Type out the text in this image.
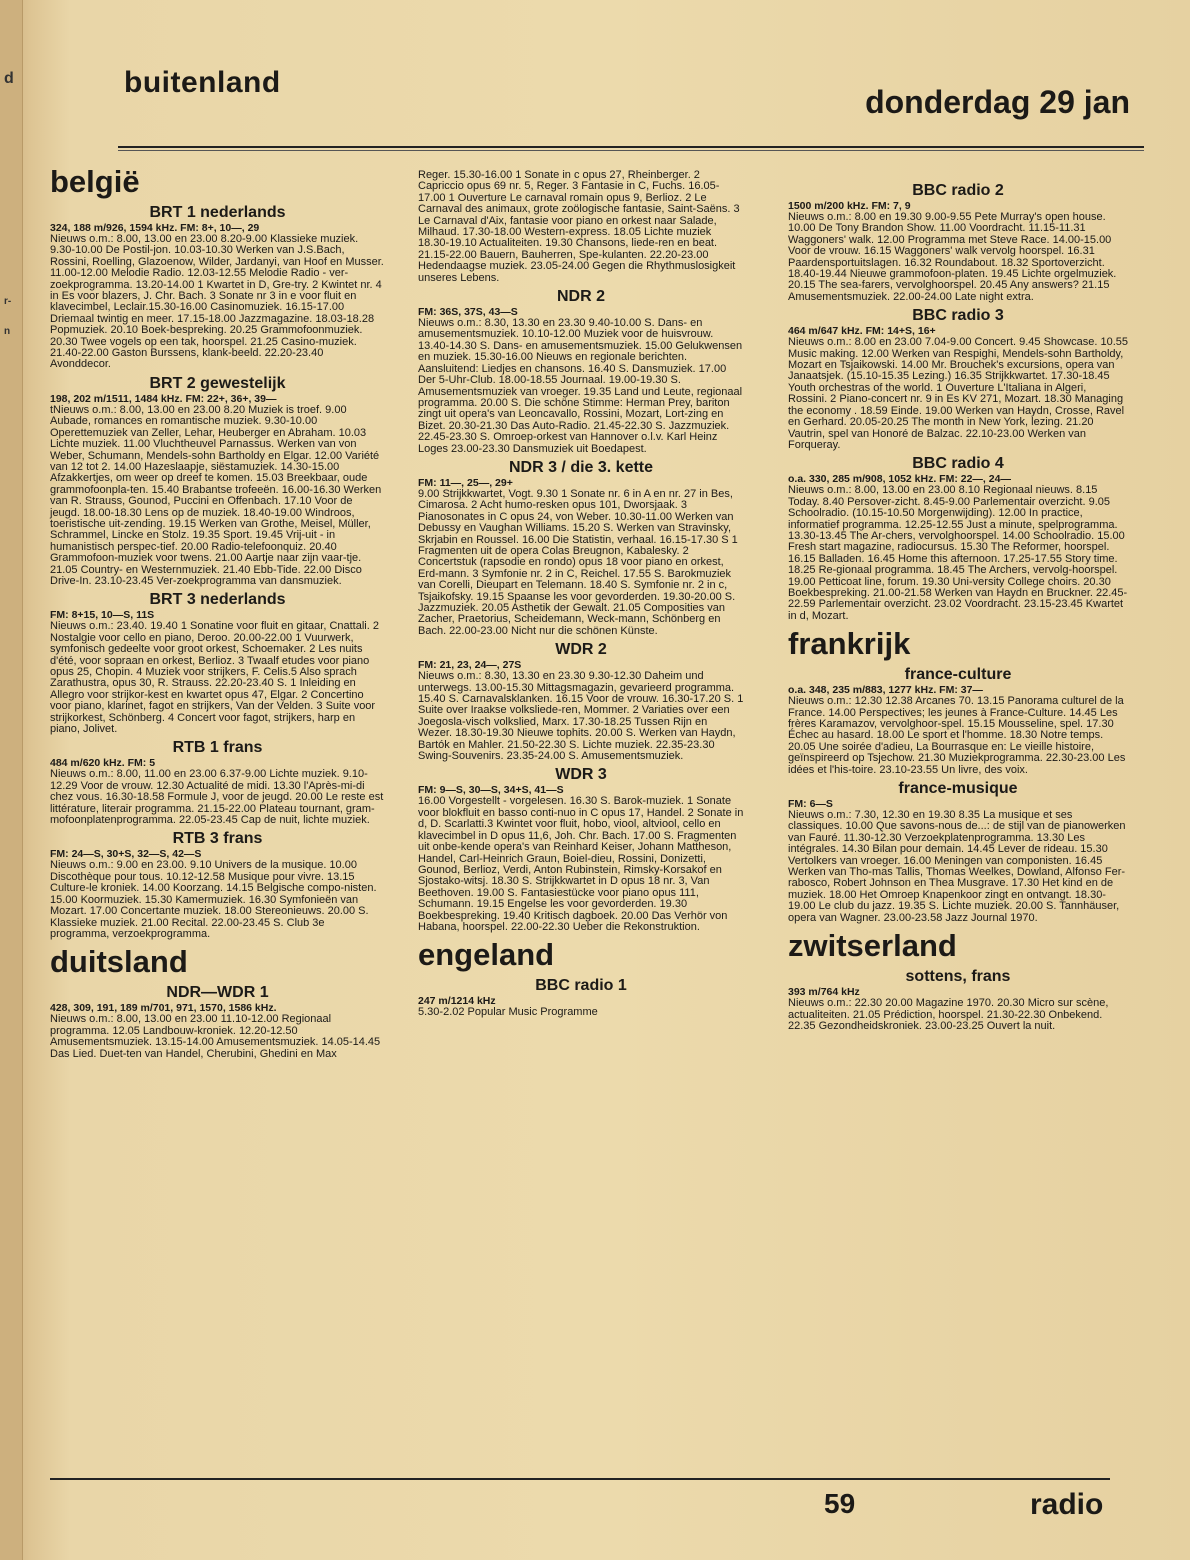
d
r-
n
buitenland
donderdag 29 jan
belgië
BRT 1 nederlands
324, 188 m/926, 1594 kHz. FM: 8+, 10—, 29
Nieuws o.m.: 8.00, 13.00 en 23.00 8.20-9.00 Klassieke muziek. 9.30-10.00 De Postil-jon. 10.03-10.30 Werken van J.S.Bach, Rossini, Roelling, Glazoenow, Wilder, Jardanyi, van Hoof en Musser. 11.00-12.00 Melodie Radio. 12.03-12.55 Melodie Radio - ver-zoekprogramma. 13.20-14.00 1 Kwartet in D, Gre-try. 2 Kwintet nr. 4 in Es voor blazers, J. Chr. Bach. 3 Sonate nr 3 in e voor fluit en klavecimbel, Leclair.15.30-16.00 Casinomuziek. 16.15-17.00 Driemaal twintig en meer. 17.15-18.00 Jazzmagazine. 18.03-18.28 Popmuziek. 20.10 Boek-bespreking. 20.25 Grammofoonmuziek. 20.30 Twee vogels op een tak, hoorspel. 21.25 Casino-muziek. 21.40-22.00 Gaston Burssens, klank-beeld. 22.20-23.40 Avonddecor.
BRT 2 gewestelijk
198, 202 m/1511, 1484 kHz. FM: 22+, 36+, 39—
tNieuws o.m.: 8.00, 13.00 en 23.00 8.20 Muziek is troef. 9.00 Aubade, romances en romantische muziek. 9.30-10.00 Operettemuziek van Zeller, Lehar, Heuberger en Abraham. 10.03 Lichte muziek. 11.00 Vluchtheuvel Parnassus. Werken van von Weber, Schumann, Mendels-sohn Bartholdy en Elgar. 12.00 Variété van 12 tot 2. 14.00 Hazeslaapje, siëstamuziek. 14.30-15.00 Afzakkertjes, om weer op dreef te komen. 15.03 Breekbaar, oude grammofoonpla-ten. 15.40 Brabantse trofeeën. 16.00-16.30 Werken van R. Strauss, Gounod, Puccini en Offenbach. 17.10 Voor de jeugd. 18.00-18.30 Lens op de muziek. 18.40-19.00 Windroos, toeristische uit-zending. 19.15 Werken van Grothe, Meisel, Müller, Schrammel, Lincke en Stolz. 19.35 Sport. 19.45 Vrij-uit - in humanistisch perspec-tief. 20.00 Radio-telefoonquiz. 20.40 Grammofoon-muziek voor twens. 21.00 Aartje naar zijn vaar-tje. 21.05 Country- en Westernmuziek. 21.40 Ebb-Tide. 22.00 Disco Drive-In. 23.10-23.45 Ver-zoekprogramma van dansmuziek.
BRT 3 nederlands
FM: 8+15, 10—S, 11S
Nieuws o.m.: 23.40. 19.40 1 Sonatine voor fluit en gitaar, Cnattali. 2 Nostalgie voor cello en piano, Deroo. 20.00-22.00 1 Vuurwerk, symfonisch gedeelte voor groot orkest, Schoemaker. 2 Les nuits d'été, voor sopraan en orkest, Berlioz. 3 Twaalf etudes voor piano opus 25, Chopin. 4 Muziek voor strijkers, F. Celis.5 Also sprach Zarathustra, opus 30, R. Strauss. 22.20-23.40 S. 1 Inleiding en Allegro voor strijkor-kest en kwartet opus 47, Elgar. 2 Concertino voor piano, klarinet, fagot en strijkers, Van der Velden. 3 Suite voor strijkorkest, Schönberg. 4 Concert voor fagot, strijkers, harp en piano, Jolivet.
RTB 1 frans
484 m/620 kHz. FM: 5
Nieuws o.m.: 8.00, 11.00 en 23.00 6.37-9.00 Lichte muziek. 9.10-12.29 Voor de vrouw. 12.30 Actualité de midi. 13.30 l'Après-mi-di chez vous. 16.30-18.58 Formule J, voor de jeugd. 20.00 Le reste est littérature, literair programma. 21.15-22.00 Plateau tournant, gram-mofoonplatenprogramma. 22.05-23.45 Cap de nuit, lichte muziek.
RTB 3 frans
FM: 24—S, 30+S, 32—S, 42—S
Nieuws o.m.: 9.00 en 23.00. 9.10 Univers de la musique. 10.00 Discothèque pour tous. 10.12-12.58 Musique pour vivre. 13.15 Culture-le kroniek. 14.00 Koorzang. 14.15 Belgische compo-nisten. 15.00 Koormuziek. 15.30 Kamermuziek. 16.30 Symfonieën van Mozart. 17.00 Concertante muziek. 18.00 Stereonieuws. 20.00 S. Klassieke muziek. 21.00 Recital. 22.00-23.45 S. Club 3e programma, verzoekprogramma.
duitsland
NDR—WDR 1
428, 309, 191, 189 m/701, 971, 1570, 1586 kHz.
Nieuws o.m.: 8.00, 13.00 en 23.00 11.10-12.00 Regionaal programma. 12.05 Landbouw-kroniek. 12.20-12.50 Amusementsmuziek. 13.15-14.00 Amusementsmuziek. 14.05-14.45 Das Lied. Duet-ten van Handel, Cherubini, Ghedini en Max
Reger. 15.30-16.00 1 Sonate in c opus 27, Rheinberger. 2 Capriccio opus 69 nr. 5, Reger. 3 Fantasie in C, Fuchs. 16.05-17.00 1 Ouverture Le carnaval romain opus 9, Berlioz. 2 Le Carnaval des animaux, grote zoölogische fantasie, Saint-Saëns. 3 Le Carnaval d'Aix, fantasie voor piano en orkest naar Salade, Milhaud. 17.30-18.00 Western-express. 18.05 Lichte muziek 18.30-19.10 Actualiteiten. 19.30 Chansons, liede-ren en beat. 21.15-22.00 Bauern, Bauherren, Spe-kulanten. 22.20-23.00 Hedendaagse muziek. 23.05-24.00 Gegen die Rhythmuslosigkeit unseres Lebens.
NDR 2
FM: 36S, 37S, 43—S
Nieuws o.m.: 8.30, 13.30 en 23.30 9.40-10.00 S. Dans- en amusementsmuziek. 10.10-12.00 Muziek voor de huisvrouw. 13.40-14.30 S. Dans- en amusementsmuziek. 15.00 Gelukwensen en muziek. 15.30-16.00 Nieuws en regionale berichten. Aansluitend: Liedjes en chansons. 16.40 S. Dansmuziek. 17.00 Der 5-Uhr-Club. 18.00-18.55 Journaal. 19.00-19.30 S. Amusementsmuziek van vroeger. 19.35 Land und Leute, regionaal programma. 20.00 S. Die schöne Stimme: Herman Prey, bariton zingt uit opera's van Leoncavallo, Rossini, Mozart, Lort-zing en Bizet. 20.30-21.30 Das Auto-Radio. 21.45-22.30 S. Jazzmuziek. 22.45-23.30 S. Omroep-orkest van Hannover o.l.v. Karl Heinz Loges 23.00-23.30 Dansmuziek uit Boedapest.
NDR 3 / die 3. kette
FM: 11—, 25—, 29+
9.00 Strijkkwartet, Vogt. 9.30 1 Sonate nr. 6 in A en nr. 27 in Bes, Cimarosa. 2 Acht humo-resken opus 101, Dworsjaak. 3 Pianosonates in C opus 24, von Weber. 10.30-11.00 Werken van Debussy en Vaughan Williams. 15.20 S. Werken van Stravinsky, Skrjabin en Roussel. 16.00 Die Statistin, verhaal. 16.15-17.30 S 1 Fragmenten uit de opera Colas Breugnon, Kabalesky. 2 Concertstuk (rapsodie en rondo) opus 18 voor piano en orkest, Erd-mann. 3 Symfonie nr. 2 in C, Reichel. 17.55 S. Barokmuziek van Corelli, Dieupart en Telemann. 18.40 S. Symfonie nr. 2 in c, Tsjaikofsky. 19.15 Spaanse les voor gevorderden. 19.30-20.00 S. Jazzmuziek. 20.05 Asthetik der Gewalt. 21.05 Composities van Zacher, Praetorius, Scheidemann, Weck-mann, Schönberg en Bach. 22.00-23.00 Nicht nur die schönen Künste.
WDR 2
FM: 21, 23, 24—, 27S
Nieuws o.m.: 8.30, 13.30 en 23.30 9.30-12.30 Daheim und unterwegs. 13.00-15.30 Mittagsmagazin, gevarieerd programma. 15.40 S. Carnavalsklanken. 16.15 Voor de vrouw. 16.30-17.20 S. 1 Suite over Iraakse volksliede-ren, Mommer. 2 Variaties over een Joegosla-visch volkslied, Marx. 17.30-18.25 Tussen Rijn en Wezer. 18.30-19.30 Nieuwe tophits. 20.00 S. Werken van Haydn, Bartók en Mahler. 21.50-22.30 S. Lichte muziek. 22.35-23.30 Swing-Souvenirs. 23.35-24.00 S. Amusementsmuziek.
WDR 3
FM: 9—S, 30—S, 34+S, 41—S
16.00 Vorgestellt - vorgelesen. 16.30 S. Barok-muziek. 1 Sonate voor blokfluit en basso conti-nuo in C opus 17, Handel. 2 Sonate in d, D. Scarlatti.3 Kwintet voor fluit, hobo, viool, altviool, cello en klavecimbel in D opus 11,6, Joh. Chr. Bach. 17.00 S. Fragmenten uit onbe-kende opera's van Reinhard Keiser, Johann Mattheson, Handel, Carl-Heinrich Graun, Boiel-dieu, Rossini, Donizetti, Gounod, Berlioz, Verdi, Anton Rubinstein, Rimsky-Korsakof en Sjostako-witsj. 18.30 S. Strijkkwartet in D opus 18 nr. 3, Van Beethoven. 19.00 S. Fantasiestücke voor piano opus 111, Schumann. 19.15 Engelse les voor gevorderden. 19.30 Boekbespreking. 19.40 Kritisch dagboek. 20.00 Das Verhör von Habana, hoorspel. 22.00-22.30 Ueber die Rekonstruktion.
engeland
BBC radio 1
247 m/1214 kHz
5.30-2.02 Popular Music Programme
BBC radio 2
1500 m/200 kHz. FM: 7, 9
Nieuws o.m.: 8.00 en 19.30 9.00-9.55 Pete Murray's open house. 10.00 De Tony Brandon Show. 11.00 Voordracht. 11.15-11.31 Waggoners' walk. 12.00 Programma met Steve Race. 14.00-15.00 Voor de vrouw. 16.15 Waggoners' walk vervolg hoorspel. 16.31 Paardensportuitslagen. 16.32 Roundabout. 18.32 Sportoverzicht. 18.40-19.44 Nieuwe grammofoon-platen. 19.45 Lichte orgelmuziek. 20.15 The sea-farers, vervolghoorspel. 20.45 Any answers? 21.15 Amusementsmuziek. 22.00-24.00 Late night extra.
BBC radio 3
464 m/647 kHz. FM: 14+S, 16+
Nieuws o.m.: 8.00 en 23.00 7.04-9.00 Concert. 9.45 Showcase. 10.55 Music making. 12.00 Werken van Respighi, Mendels-sohn Bartholdy, Mozart en Tsjaikowski. 14.00 Mr. Brouchek's excursions, opera van Janaatsjek. (15.10-15.35 Lezing.) 16.35 Strijkkwartet. 17.30-18.45 Youth orchestras of the world. 1 Ouverture L'Italiana in Algeri, Rossini. 2 Piano-concert nr. 9 in Es KV 271, Mozart. 18.30 Managing the economy . 18.59 Einde. 19.00 Werken van Haydn, Crosse, Ravel en Gerhard. 20.05-20.25 The month in New York, lezing. 21.20 Vautrin, spel van Honoré de Balzac. 22.10-23.00 Werken van Forqueray.
BBC radio 4
o.a. 330, 285 m/908, 1052 kHz. FM: 22—, 24—
Nieuws o.m.: 8.00, 13.00 en 23.00 8.10 Regionaal nieuws. 8.15 Today. 8.40 Persover-zicht. 8.45-9.00 Parlementair overzicht. 9.05 Schoolradio. (10.15-10.50 Morgenwijding). 12.00 In practice, informatief programma. 12.25-12.55 Just a minute, spelprogramma. 13.30-13.45 The Ar-chers, vervolghoorspel. 14.00 Schoolradio. 15.00 Fresh start magazine, radiocursus. 15.30 The Reformer, hoorspel. 16.15 Balladen. 16.45 Home this afternoon. 17.25-17.55 Story time. 18.25 Re-gionaal programma. 18.45 The Archers, vervolg-hoorspel. 19.00 Petticoat line, forum. 19.30 Uni-versity College choirs. 20.30 Boekbespreking. 21.00-21.58 Werken van Haydn en Bruckner. 22.45-22.59 Parlementair overzicht. 23.02 Voordracht. 23.15-23.45 Kwartet in d, Mozart.
frankrijk
france-culture
o.a. 348, 235 m/883, 1277 kHz. FM: 37—
Nieuws o.m.: 12.30 12.38 Arcanes 70. 13.15 Panorama culturel de la France. 14.00 Perspectives; les jeunes à France-Culture. 14.45 Les frères Karamazov, vervolghoor-spel. 15.15 Mousseline, spel. 17.30 Échec au hasard. 18.00 Le sport et l'homme. 18.30 Notre temps. 20.05 Une soirée d'adieu, La Bourrasque en: Le vieille histoire, geïnspireerd op Tsjechow. 21.30 Muziekprogramma. 22.30-23.00 Les idées et l'his-toire. 23.10-23.55 Un livre, des voix.
france-musique
FM: 6—S
Nieuws o.m.: 7.30, 12.30 en 19.30 8.35 La musique et ses classiques. 10.00 Que savons-nous de...: de stijl van de pianowerken van Fauré. 11.30-12.30 Verzoekplatenprogramma. 13.30 Les intégrales. 14.30 Bilan pour demain. 14.45 Lever de rideau. 15.30 Vertolkers van vroeger. 16.00 Meningen van componisten. 16.45 Werken van Tho-mas Tallis, Thomas Weelkes, Dowland, Alfonso Fer-rabosco, Robert Johnson en Thea Musgrave. 17.30 Het kind en de muziek. 18.00 Het Omroep Knapenkoor zingt en ontvangt. 18.30-19.00 Le club du jazz. 19.35 S. Lichte muziek. 20.00 S. Tannhäuser, opera van Wagner. 23.00-23.58 Jazz Journal 1970.
zwitserland
sottens, frans
393 m/764 kHz
Nieuws o.m.: 22.30 20.00 Magazine 1970. 20.30 Micro sur scène, actualiteiten. 21.05 Prédiction, hoorspel. 21.30-22.30 Onbekend. 22.35 Gezondheidskroniek. 23.00-23.25 Ouvert la nuit.
59	radio
